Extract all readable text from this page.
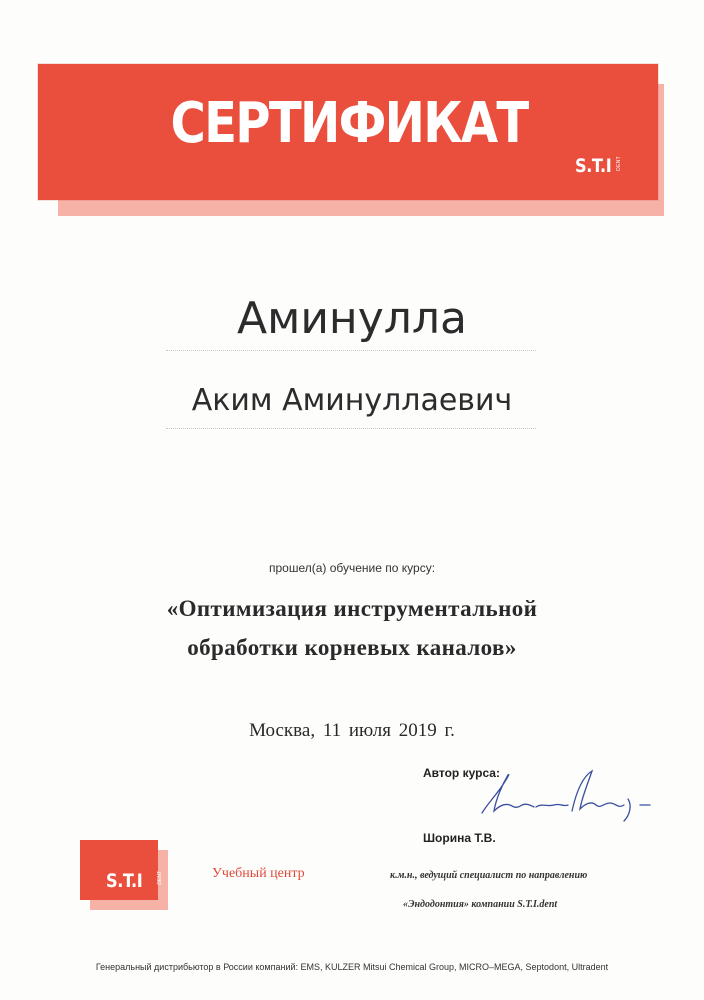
СЕРТИФИКАТ
S.T.I DENT
Аминулла
Аким Аминуллаевич
прошел(а) обучение по курсу:
«Оптимизация инструментальной
обработки корневых каналов»
Москва, 11 июля 2019 г.
Автор курса:
Шорина Т.В.
к.м.н., ведущий специалист по направлению
«Эндодонтия» компании S.T.I.dent
S.T.I	DENT	Учебный центр
Генеральный дистрибьютор в России компаний: EMS, KULZER Mitsui Chemical Group, MICRO–MEGA, Septodont, Ultradent
